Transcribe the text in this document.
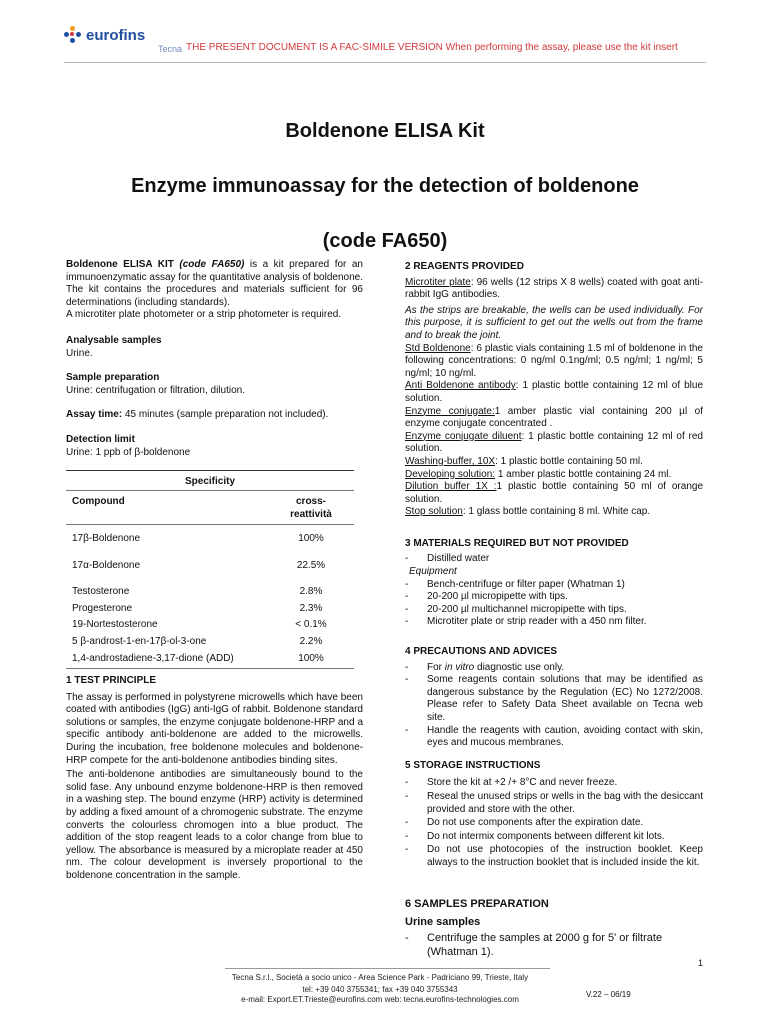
eurofins
Tecna THE PRESENT DOCUMENT IS A FAC-SIMILE VERSION When performing the assay, please use the kit insert
Boldenone ELISA Kit
Enzyme immunoassay for the detection of boldenone
(code FA650)
Boldenone ELISA KIT (code FA650) is a kit prepared for an immunoenzymatic assay for the quantitative analysis of boldenone. The kit contains the procedures and materials sufficient for 96 determinations (including standards).
A microtiter plate photometer or a strip photometer is required.
Analysable samples
Urine.
Sample preparation
Urine: centrifugation or filtration, dilution.
Assay time: 45 minutes (sample preparation not included).
Detection limit
Urine: 1 ppb of β-boldenone
Specificity
Compound	cross-
reattività
17β-Boldenone	100%
17α-Boldenone	22.5%
Testosterone	2.8%
Progesterone	2.3%
19-Nortestosterone	< 0.1%
5 β-androst-1-en-17β-ol-3-one	2.2%
1,4-androstadiene-3,17-dione (ADD)	100%
1 TEST PRINCIPLE
The assay is performed in polystyrene microwells which have been coated with antibodies (IgG) anti-IgG of rabbit. Boldenone standard solutions or samples, the enzyme conjugate boldenone-HRP and a specific antibody anti-boldenone are added to the microwells. During the incubation, free boldenone molecules and boldenone-HRP compete for the anti-boldenone antibodies binding sites.
The anti-boldenone antibodies are simultaneously bound to the solid fase. Any unbound enzyme boldenone-HRP is then removed in a washing step. The bound enzyme (HRP) activity is determined by adding a fixed amount of a chromogenic substrate. The enzyme converts the colourless chromogen into a blue product. The addition of the stop reagent leads to a color change from blue to yellow. The absorbance is measured by a microplate reader at 450 nm. The colour development is inversely proportional to the boldenone concentration in the sample.
2 REAGENTS PROVIDED
Microtiter plate: 96 wells (12 strips X 8 wells) coated with goat anti-rabbit IgG antibodies.
As the strips are breakable, the wells can be used individually. For this purpose, it is sufficient to get out the wells out from the frame and to break the joint.
Std Boldenone: 6 plastic vials containing 1.5 ml of boldenone in the following concentrations: 0 ng/ml 0.1ng/ml; 0.5 ng/ml; 1 ng/ml; 5 ng/ml; 10 ng/ml.
Anti Boldenone antibody: 1 plastic bottle containing 12 ml of blue solution.
Enzyme conjugate:1 amber plastic vial containing 200 µl of enzyme conjugate concentrated .
Enzyme conjugate diluent: 1 plastic bottle containing 12 ml of red solution.
Washing-buffer, 10X: 1 plastic bottle containing 50 ml.
Developing solution: 1 amber plastic bottle containing 24 ml.
Dilution buffer 1X :1 plastic bottle containing 50 ml of orange solution.
Stop solution: 1 glass bottle containing 8 ml. White cap.
3 MATERIALS REQUIRED BUT NOT PROVIDED
- Distilled water
Equipment
- Bench-centrifuge or filter paper (Whatman 1)
- 20-200 µl micropipette with tips.
- 20-200 µl multichannel micropipette with tips.
- Microtiter plate or strip reader with a 450 nm filter.
4 PRECAUTIONS AND ADVICES
- For in vitro diagnostic use only.
- Some reagents contain solutions that may be identified as dangerous substance by the Regulation (EC) No 1272/2008. Please refer to Safety Data Sheet available on Tecna web site.
- Handle the reagents with caution, avoiding contact with skin, eyes and mucous membranes.
5 STORAGE INSTRUCTIONS
- Store the kit at +2 /+ 8°C and never freeze.
- Reseal the unused strips or wells in the bag with the desiccant provided and store with the other.
- Do not use components after the expiration date.
- Do not intermix components between different kit lots.
- Do not use photocopies of the instruction booklet. Keep always to the instruction booklet that is included inside the kit.
6 SAMPLES PREPARATION
Urine samples
- Centrifuge the samples at 2000 g for 5' or filtrate (Whatman 1).
1
Tecna S.r.l., Società a socio unico - Area Science Park - Padriciano 99, Trieste, Italy
tel: +39 040 3755341; fax +39 040 3755343
e-mail: Export.ET.Trieste@eurofins.com web: tecna.eurofins-technologies.com
V.22 – 06/19
